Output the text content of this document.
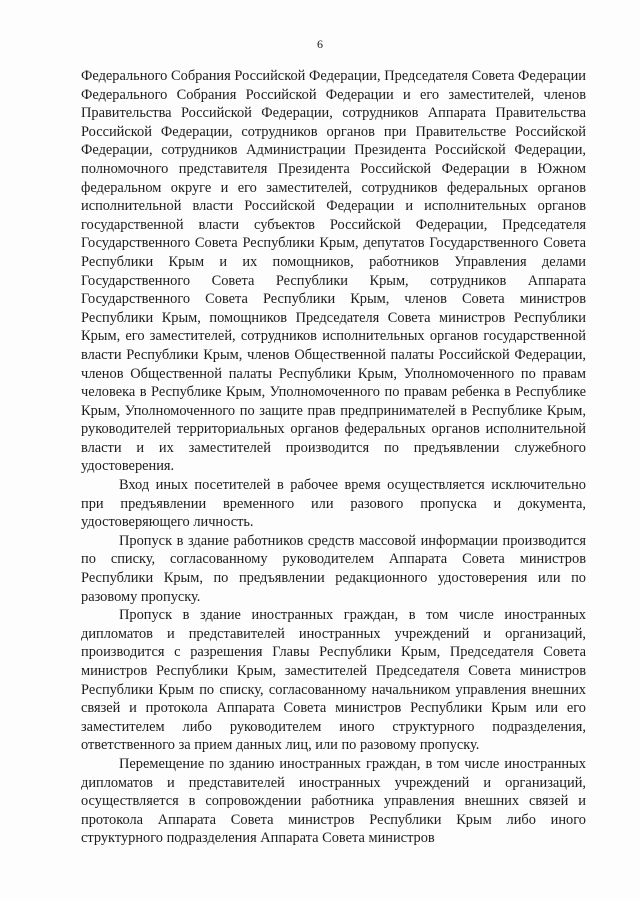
6

Федерального Собрания Российской Федерации, Председателя Совета Федерации Федерального Собрания Российской Федерации и его заместителей, членов Правительства Российской Федерации, сотрудников Аппарата Правительства Российской Федерации, сотрудников органов при Правительстве Российской Федерации, сотрудников Администрации Президента Российской Федерации, полномочного представителя Президента Российской Федерации в Южном федеральном округе и его заместителей, сотрудников федеральных органов исполнительной власти Российской Федерации и исполнительных органов государственной власти субъектов Российской Федерации, Председателя Государственного Совета Республики Крым, депутатов Государственного Совета Республики Крым и их помощников, работников Управления делами Государственного Совета Республики Крым, сотрудников Аппарата Государственного Совета Республики Крым, членов Совета министров Республики Крым, помощников Председателя Совета министров Республики Крым, его заместителей, сотрудников исполнительных органов государственной власти Республики Крым, членов Общественной палаты Российской Федерации, членов Общественной палаты Республики Крым, Уполномоченного по правам человека в Республике Крым, Уполномоченного по правам ребенка в Республике Крым, Уполномоченного по защите прав предпринимателей в Республике Крым, руководителей территориальных органов федеральных органов исполнительной власти и их заместителей производится по предъявлении служебного удостоверения.

Вход иных посетителей в рабочее время осуществляется исключительно при предъявлении временного или разового пропуска и документа, удостоверяющего личность.

Пропуск в здание работников средств массовой информации производится по списку, согласованному руководителем Аппарата Совета министров Республики Крым, по предъявлении редакционного удостоверения или по разовому пропуску.

Пропуск в здание иностранных граждан, в том числе иностранных дипломатов и представителей иностранных учреждений и организаций, производится с разрешения Главы Республики Крым, Председателя Совета министров Республики Крым, заместителей Председателя Совета министров Республики Крым по списку, согласованному начальником управления внешних связей и протокола Аппарата Совета министров Республики Крым или его заместителем либо руководителем иного структурного подразделения, ответственного за прием данных лиц, или по разовому пропуску.

Перемещение по зданию иностранных граждан, в том числе иностранных дипломатов и представителей иностранных учреждений и организаций, осуществляется в сопровождении работника управления внешних связей и протокола Аппарата Совета министров Республики Крым либо иного структурного подразделения Аппарата Совета министров
